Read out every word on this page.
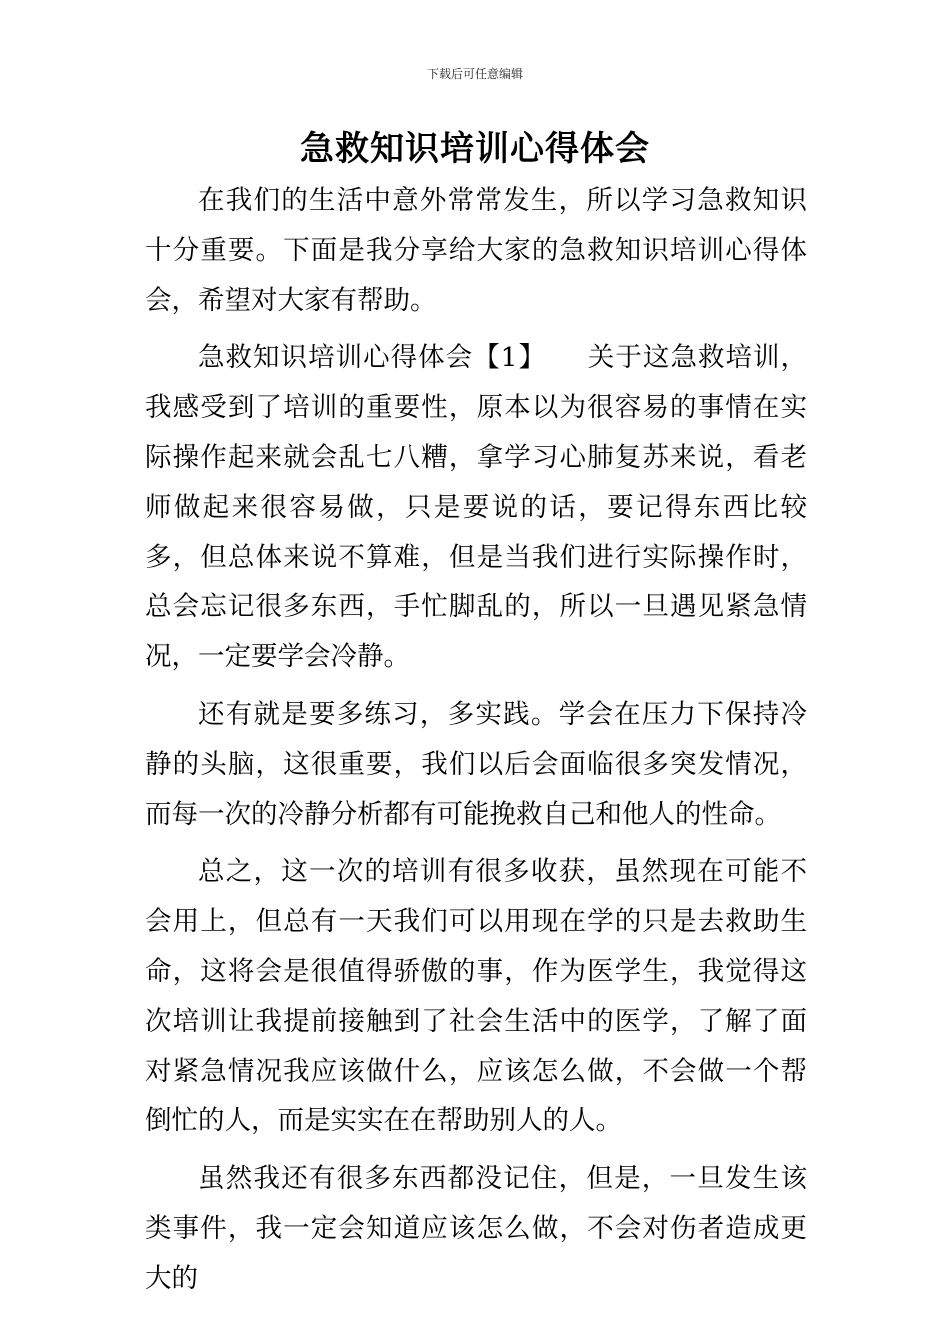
下载后可任意编辑
急救知识培训心得体会

在我们的生活中意外常常发生，所以学习急救知识十分重要。下面是我分享给大家的急救知识培训心得体会，希望对大家有帮助。

急救知识培训心得体会【1】　　 关于这急救培训，我感受到了培训的重要性，原本以为很容易的事情在实际操作起来就会乱七八糟，拿学习心肺复苏来说，看老师做起来很容易做，只是要说的话，要记得东西比较多，但总体来说不算难，但是当我们进行实际操作时，总会忘记很多东西，手忙脚乱的，所以一旦遇见紧急情况，一定要学会冷静。

还有就是要多练习，多实践。学会在压力下保持冷静的头脑，这很重要，我们以后会面临很多突发情况，而每一次的冷静分析都有可能挽救自己和他人的性命。

总之，这一次的培训有很多收获，虽然现在可能不会用上，但总有一天我们可以用现在学的只是去救助生命，这将会是很值得骄傲的事，作为医学生，我觉得这次培训让我提前接触到了社会生活中的医学，了解了面对紧急情况我应该做什么，应该怎么做，不会做一个帮倒忙的人，而是实实在在帮助别人的人。

虽然我还有很多东西都没记住，但是，一旦发生该类事件，我一定会知道应该怎么做，不会对伤者造成更大的
